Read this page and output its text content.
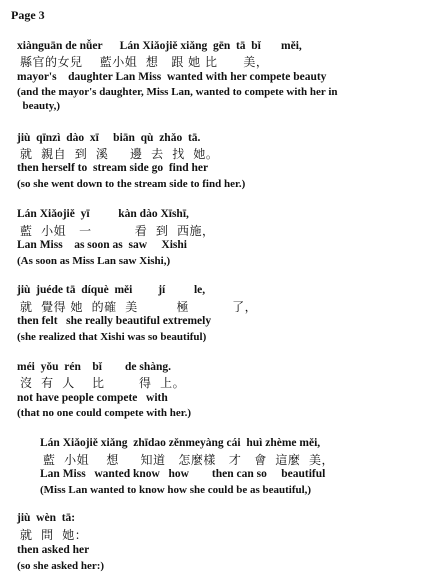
Page 3
xiànguān de nǚer      Lán Xiǎojiě xiǎng  gēn  tā  bǐ       měi,
縣官的女兒    藍小姐  想   跟 她 比      美，
mayor's    daughter Lan Miss  wanted with her compete beauty
(and the mayor's daughter, Miss Lan, wanted to compete with her in
beauty,)
jiù  qīnzì  dào  xī     biān  qù  zhǎo  tā.
就  親自  到  溪     邊  去  找  她。
then herself to  stream side go  find her
(so she went down to the stream side to find her.)
Lán Xiǎojiě  yī          kàn dào Xīshī,
藍  小姐   一          看  到  西施，
Lan Miss    as soon as  saw     Xishi
(As soon as Miss Lan saw Xishi,)
jiù  juéde tā  díquè  měi         jí          le,
就  覺得 她  的確  美         極          了，
then felt   she really beautiful extremely
(she realized that Xishi was so beautiful)
méi  yǒu  rén    bǐ        de shàng.
沒  有  人    比        得  上。
not have people compete   with
(that no one could compete with her.)
Lán Xiǎojiě xiǎng  zhīdao zěnmeyàng cái  huì zhème měi,
藍  小姐    想     知道   怎麼樣   才   會  這麼  美，
Lan Miss   wanted know   how        then can so     beautiful
(Miss Lan wanted to know how she could be as beautiful,)
jiù  wèn  tā:
就  問  她：
then asked her
(so she asked her:)
